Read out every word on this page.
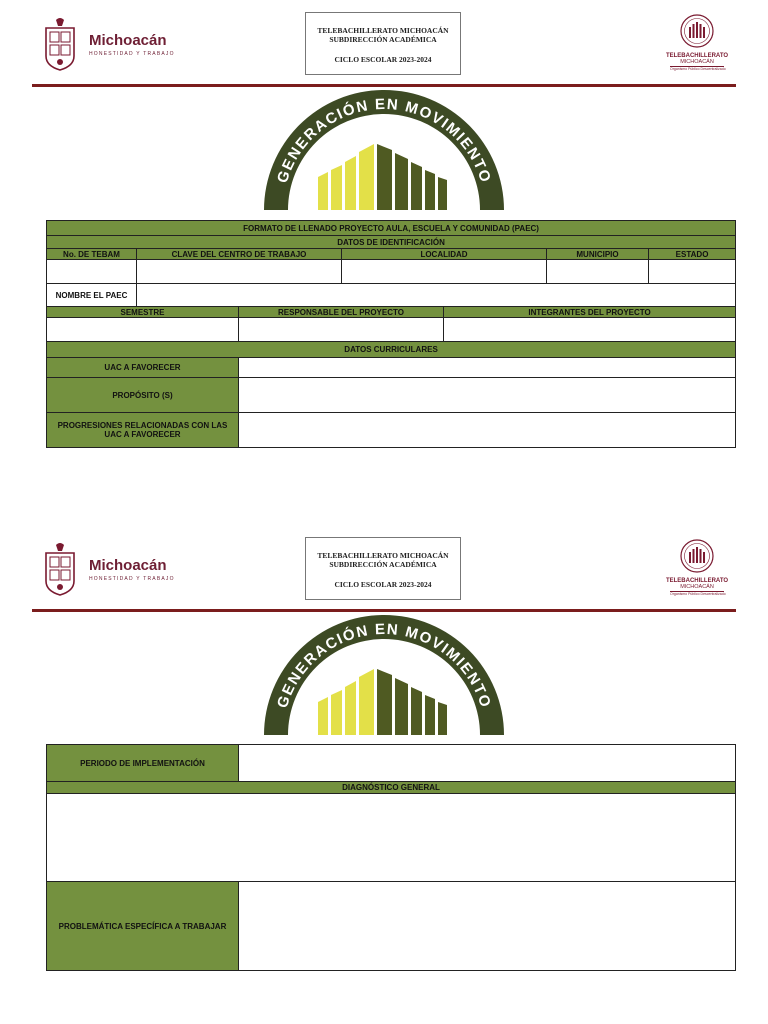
Michoacán
HONESTIDAD Y TRABAJO
TELEBACHILLERATO MICHOACÁN
SUBDIRECCIÓN ACADÉMICA
CICLO ESCOLAR 2023-2024	TELEBACHILLERATO
MICHOACÁN
Organismo Público Descentralizado
GENERACIÓN EN MOVIMIENTO
FORMATO DE LLENADO PROYECTO AULA, ESCUELA Y COMUNIDAD (PAEC)						
DATOS DE IDENTIFICACIÓN						
No. DE TEBAM	CLAVE DEL CENTRO DE TRABAJO		LOCALIDAD		MUNICIPIO	ESTADO

NOMBRE EL PAEC						
SEMESTRE		RESPONSABLE DEL PROYECTO		INTEGRANTES DEL PROYECTO		

DATOS CURRICULARES						
UAC A FAVORECER						
PROPÓSITO (S)						
PROGRESIONES RELACIONADAS CON LAS UAC A FAVORECER						
Michoacán
HONESTIDAD Y TRABAJO
TELEBACHILLERATO MICHOACÁN
SUBDIRECCIÓN ACADÉMICA
CICLO ESCOLAR 2023-2024	TELEBACHILLERATO
MICHOACÁN
Organismo Público Descentralizado
GENERACIÓN EN MOVIMIENTO
PERIODO DE IMPLEMENTACIÓN	
DIAGNÓSTICO GENERAL	

PROBLEMÁTICA ESPECÍFICA A TRABAJAR	
